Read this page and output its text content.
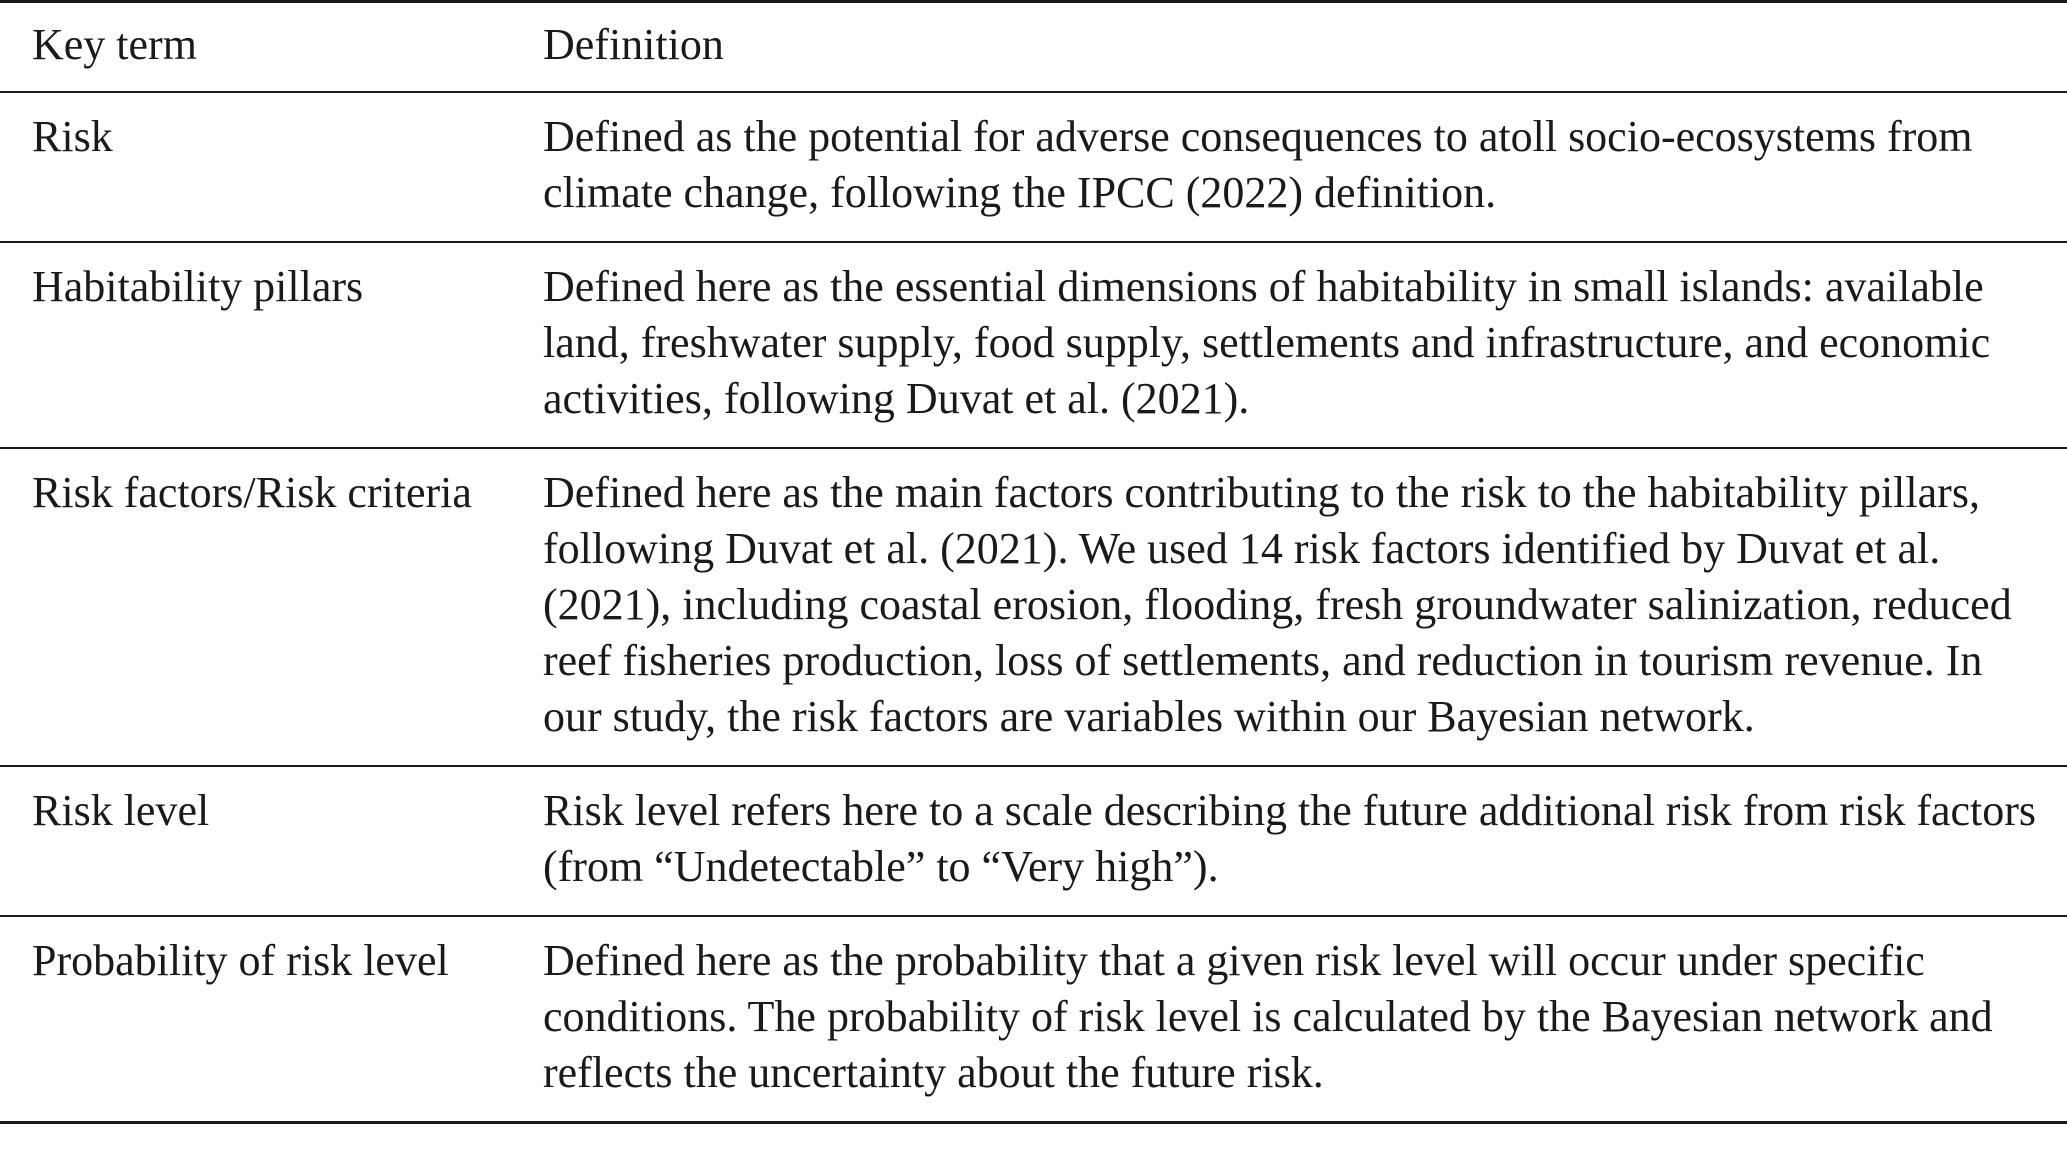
Key term	Definition
Risk	Defined as the potential for adverse consequences to atoll socio-ecosystems from climate change, following the IPCC (2022) definition.
Habitability pillars	Defined here as the essential dimensions of habitability in small islands: available land, freshwater supply, food supply, settlements and infrastructure, and economic activities, following Duvat et al. (2021).
Risk factors/Risk criteria	Defined here as the main factors contributing to the risk to the habitability pillars, following Duvat et al. (2021). We used 14 risk factors identified by Duvat et al. (2021), including coastal erosion, flooding, fresh groundwater salinization, reduced reef fisheries production, loss of settlements, and reduction in tourism revenue. In our study, the risk factors are variables within our Bayesian network.
Risk level	Risk level refers here to a scale describing the future additional risk from risk factors (from “Undetectable” to “Very high”).
Probability of risk level	Defined here as the probability that a given risk level will occur under specific conditions. The probability of risk level is calculated by the Bayesian network and reflects the uncertainty about the future risk.
